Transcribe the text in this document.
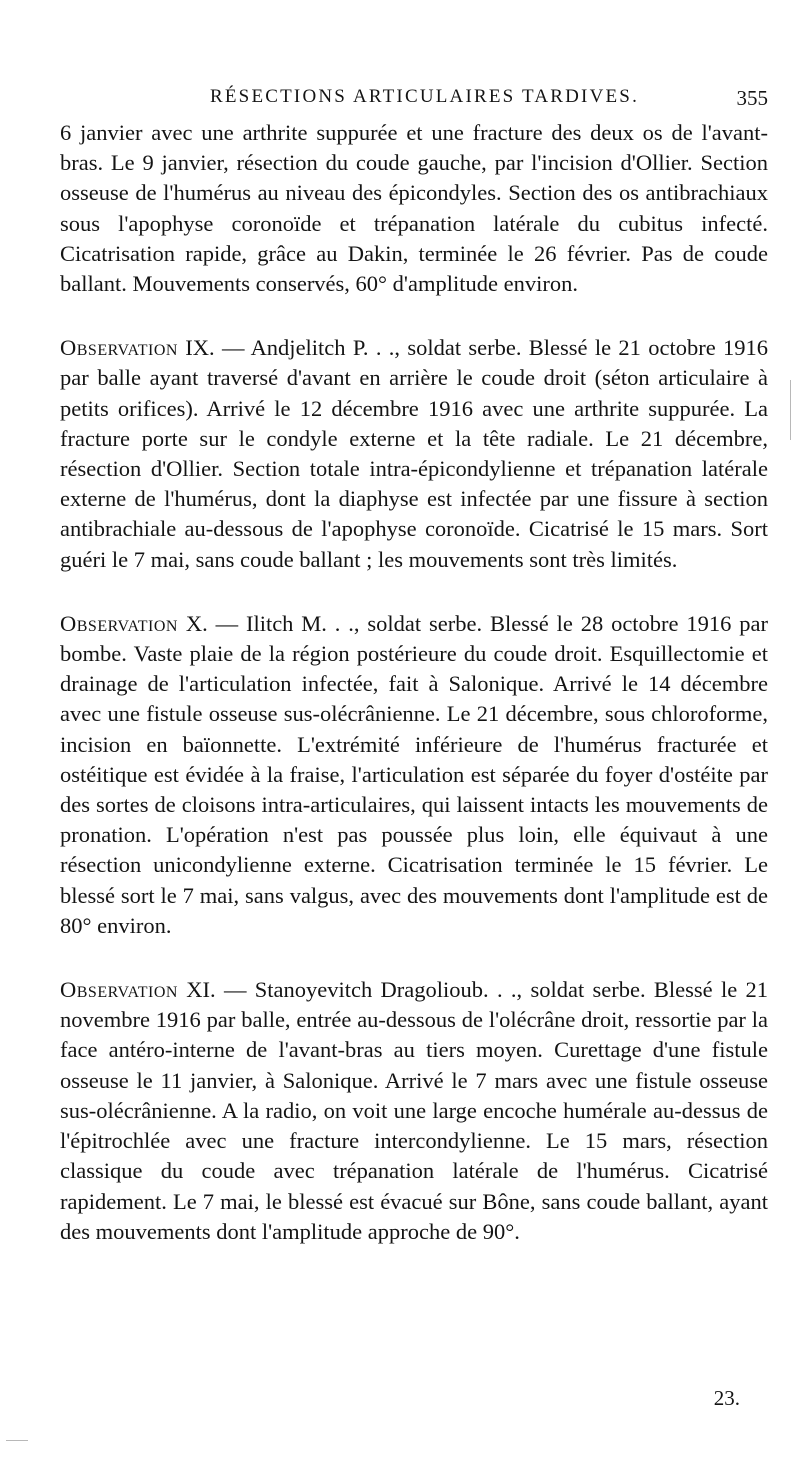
RÉSECTIONS ARTICULAIRES TARDIVES.	355

6 janvier avec une arthrite suppurée et une fracture des deux os de l'avant-bras. Le 9 janvier, résection du coude gauche, par l'incision d'Ollier. Section osseuse de l'humérus au niveau des épicondyles. Section des os antibrachiaux sous l'apophyse coronoïde et trépanation latérale du cubitus infecté. Cicatrisation rapide, grâce au Dakin, terminée le 26 février. Pas de coude ballant. Mouvements conservés, 60° d'amplitude environ.

Observation IX. — Andjelitch P. . ., soldat serbe. Blessé le 21 octobre 1916 par balle ayant traversé d'avant en arrière le coude droit (séton articulaire à petits orifices). Arrivé le 12 décembre 1916 avec une arthrite suppurée. La fracture porte sur le condyle externe et la tête radiale. Le 21 décembre, résection d'Ollier. Section totale intra-épicondylienne et trépanation latérale externe de l'humérus, dont la diaphyse est infectée par une fissure à section antibrachiale au-dessous de l'apophyse coronoïde. Cicatrisé le 15 mars. Sort guéri le 7 mai, sans coude ballant ; les mouvements sont très limités.

Observation X. — Ilitch M. . ., soldat serbe. Blessé le 28 octobre 1916 par bombe. Vaste plaie de la région postérieure du coude droit. Esquillectomie et drainage de l'articulation infectée, fait à Salonique. Arrivé le 14 décembre avec une fistule osseuse sus-olécrânienne. Le 21 décembre, sous chloroforme, incision en baïonnette. L'extrémité inférieure de l'humérus fracturée et ostéitique est évidée à la fraise, l'articulation est séparée du foyer d'ostéite par des sortes de cloisons intra-articulaires, qui laissent intacts les mouvements de pronation. L'opération n'est pas poussée plus loin, elle équivaut à une résection unicondylienne externe. Cicatrisation terminée le 15 février. Le blessé sort le 7 mai, sans valgus, avec des mouvements dont l'amplitude est de 80° environ.

Observation XI. — Stanoyevitch Dragolioub. . ., soldat serbe. Blessé le 21 novembre 1916 par balle, entrée au-dessous de l'olécrâne droit, ressortie par la face antéro-interne de l'avant-bras au tiers moyen. Curettage d'une fistule osseuse le 11 janvier, à Salonique. Arrivé le 7 mars avec une fistule osseuse sus-olécrânienne. A la radio, on voit une large encoche humérale au-dessus de l'épitrochlée avec une fracture intercondylienne. Le 15 mars, résection classique du coude avec trépanation latérale de l'humérus. Cicatrisé rapidement. Le 7 mai, le blessé est évacué sur Bône, sans coude ballant, ayant des mouvements dont l'amplitude approche de 90°.

23.
